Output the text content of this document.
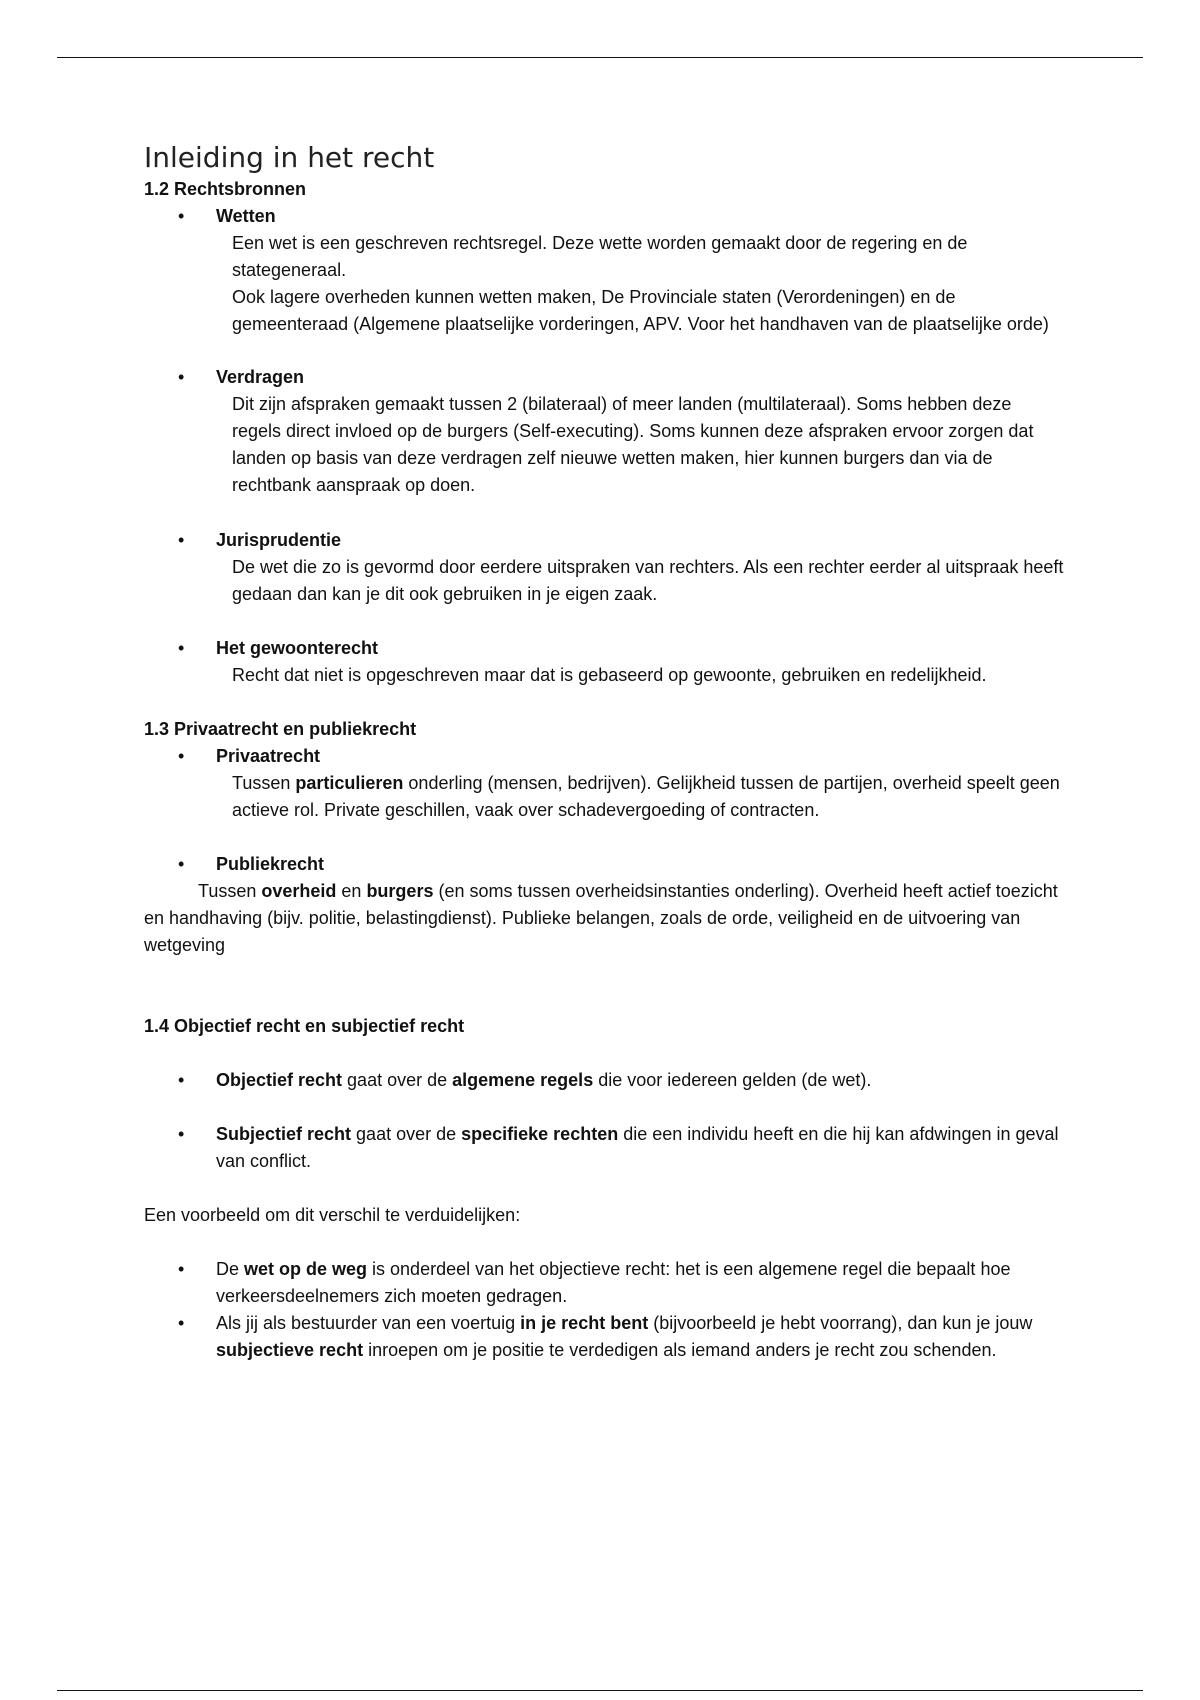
Inleiding in het recht
1.2 Rechtsbronnen
•	Wetten

Een wet is een geschreven rechtsregel. Deze wette worden gemaakt door de regering en de stategeneraal.

Ook lagere overheden kunnen wetten maken, De Provinciale staten (Verordeningen) en de gemeenteraad (Algemene plaatselijke vorderingen, APV. Voor het handhaven van de plaatselijke orde)

•	Verdragen

Dit zijn afspraken gemaakt tussen 2 (bilateraal) of meer landen (multilateraal). Soms hebben deze regels direct invloed op de burgers (Self-executing). Soms kunnen deze afspraken ervoor zorgen dat landen op basis van deze verdragen zelf nieuwe wetten maken, hier kunnen burgers dan via de rechtbank aanspraak op doen.

•	Jurisprudentie

De wet die zo is gevormd door eerdere uitspraken van rechters. Als een rechter eerder al uitspraak heeft gedaan dan kan je dit ook gebruiken in je eigen zaak.

•	Het gewoonterecht

Recht dat niet is opgeschreven maar dat is gebaseerd op gewoonte, gebruiken en redelijkheid.

1.3 Privaatrecht en publiekrecht
•	Privaatrecht

Tussen particulieren onderling (mensen, bedrijven). Gelijkheid tussen de partijen, overheid speelt geen actieve rol. Private geschillen, vaak over schadevergoeding of contracten.

•	Publiekrecht

Tussen overheid en burgers (en soms tussen overheidsinstanties onderling). Overheid heeft actief toezicht en handhaving (bijv. politie, belastingdienst). Publieke belangen, zoals de orde, veiligheid en de uitvoering van wetgeving

1.4 Objectief recht en subjectief recht
•	Objectief recht gaat over de algemene regels die voor iedereen gelden (de wet).
•	Subjectief recht gaat over de specifieke rechten die een individu heeft en die hij kan afdwingen in geval van conflict.

Een voorbeeld om dit verschil te verduidelijken:

•	De wet op de weg is onderdeel van het objectieve recht: het is een algemene regel die bepaalt hoe verkeersdeelnemers zich moeten gedragen.
•	Als jij als bestuurder van een voertuig in je recht bent (bijvoorbeeld je hebt voorrang), dan kun je jouw subjectieve recht inroepen om je positie te verdedigen als iemand anders je recht zou schenden.
